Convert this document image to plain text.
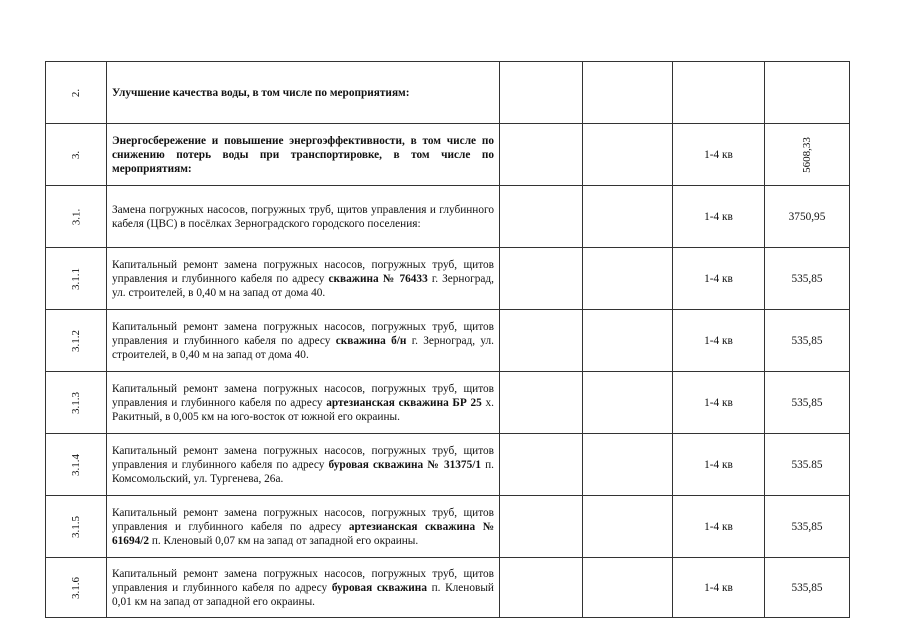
2.	Улучшение качества воды, в том числе по мероприятиям:				
3.	Энергосбережение и повышение энергоэффективности, в том числе по снижению потерь воды при транспортировке, в том числе по мероприятиям:			1-4 кв	5608,33
3.1.	Замена погружных насосов, погружных труб, щитов управления и глубинного кабеля (ЦВС) в посёлках Зерноградского городского поселения:			1-4 кв	3750,95
3.1.1	Капитальный ремонт замена погружных насосов, погружных труб, щитов управления и глубинного кабеля по адресу скважина № 76433 г. Зерноград, ул. строителей, в 0,40 м на запад от дома 40.			1-4 кв	535,85
3.1.2	Капитальный ремонт замена погружных насосов, погружных труб, щитов управления и глубинного кабеля по адресу скважина б/н г. Зерноград, ул. строителей, в 0,40 м на запад от дома 40.			1-4 кв	535,85
3.1.3	Капитальный ремонт замена погружных насосов, погружных труб, щитов управления и глубинного кабеля по адресу артезианская скважина БР 25 х. Ракитный, в 0,005 км на юго-восток от южной его окраины.			1-4 кв	535,85
3.1.4	Капитальный ремонт замена погружных насосов, погружных труб, щитов управления и глубинного кабеля по адресу буровая скважина № 31375/1 п. Комсомольский, ул. Тургенева, 26а.			1-4 кв	535.85
3.1.5	Капитальный ремонт замена погружных насосов, погружных труб, щитов управления и глубинного кабеля по адресу артезианская скважина № 61694/2 п. Кленовый 0,07 км на запад от западной его окраины.			1-4 кв	535,85
3.1.6	Капитальный ремонт замена погружных насосов, погружных труб, щитов управления и глубинного кабеля по адресу буровая скважина п. Кленовый 0,01 км на запад от западной его окраины.			1-4 кв	535,85
